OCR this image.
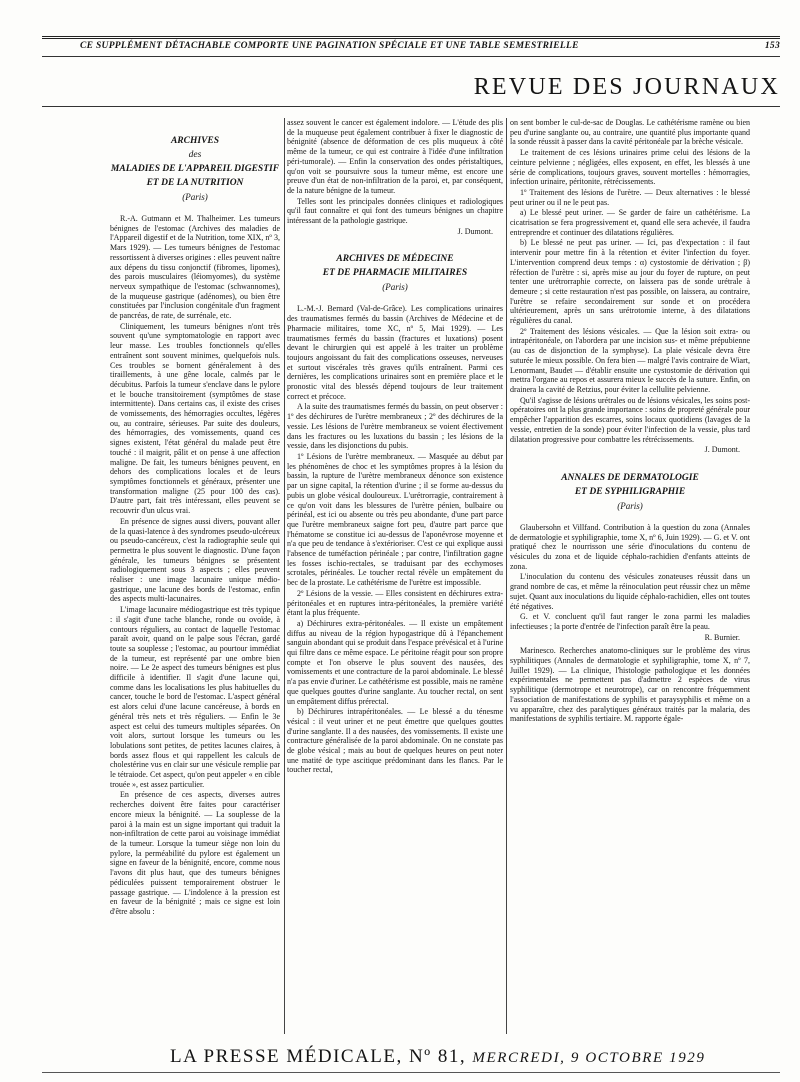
CE SUPPLÉMENT DÉTACHABLE COMPORTE UNE PAGINATION SPÉCIALE ET UNE TABLE SEMESTRIELLE	153
REVUE DES JOURNAUX
ARCHIVES
des
MALADIES DE L'APPAREIL DIGESTIF
ET DE LA NUTRITION
(Paris)

R.-A. Gutmann et M. Thalheimer. Les tumeurs bénignes de l'estomac (Archives des maladies de l'Appareil digestif et de la Nutrition, tome XIX, nº 3, Mars 1929). — Les tumeurs bénignes de l'estomac ressortissent à diverses origines : elles peuvent naître aux dépens du tissu conjonctif (fibromes, lipomes), des parois musculaires (léiomyomes), du système nerveux sympathique de l'estomac (schwannomes), de la muqueuse gastrique (adénomes), ou bien être constituées par l'inclusion congénitale d'un fragment de pancréas, de rate, de surrénale, etc.

Cliniquement, les tumeurs bénignes n'ont très souvent qu'une symptomatologie en rapport avec leur masse. Les troubles fonctionnels qu'elles entraînent sont souvent minimes, quelquefois nuls. Ces troubles se bornent généralement à des tiraillements, à une gêne locale, calmés par le décubitus. Parfois la tumeur s'enclave dans le pylore et le bouche transitoirement (symptômes de stase intermittente). Dans certains cas, il existe des crises de vomissements, des hémorragies occultes, légères ou, au contraire, sérieuses. Par suite des douleurs, des hémorragies, des vomissements, quand ces signes existent, l'état général du malade peut être touché : il maigrit, pâlit et on pense à une affection maligne. De fait, les tumeurs bénignes peuvent, en dehors des complications locales et de leurs symptômes fonctionnels et généraux, présenter une transformation maligne (25 pour 100 des cas). D'autre part, fait très intéressant, elles peuvent se recouvrir d'un ulcus vrai.

En présence de signes aussi divers, pouvant aller de la quasi-latence à des syndromes pseudo-ulcéreux ou pseudo-cancéreux, c'est la radiographie seule qui permettra le plus souvent le diagnostic. D'une façon générale, les tumeurs bénignes se présentent radiologiquement sous 3 aspects ; elles peuvent réaliser : une image lacunaire unique médio-gastrique, une lacune des bords de l'estomac, enfin des aspects multi-lacunaires.

L'image lacunaire médiogastrique est très typique : il s'agit d'une tache blanche, ronde ou ovoïde, à contours réguliers, au contact de laquelle l'estomac paraît avoir, quand on le palpe sous l'écran, gardé toute sa souplesse ; l'estomac, au pourtour immédiat de la tumeur, est représenté par une ombre bien noire. — Le 2e aspect des tumeurs bénignes est plus difficile à identifier. Il s'agit d'une lacune qui, comme dans les localisations les plus habituelles du cancer, touche le bord de l'estomac. L'aspect général est alors celui d'une lacune cancéreuse, à bords en général très nets et très réguliers. — Enfin le 3e aspect est celui des tumeurs multiples séparées. On voit alors, surtout lorsque les tumeurs ou les lobulations sont petites, de petites lacunes claires, à bords assez flous et qui rappellent les calculs de cholestérine vus en clair sur une vésicule remplie par le tétraiode. Cet aspect, qu'on peut appeler « en cible trouée », est assez particulier.

En présence de ces aspects, diverses autres recherches doivent être faites pour caractériser encore mieux la bénignité. — La souplesse de la paroi à la main est un signe important qui traduit la non-infiltration de cette paroi au voisinage immédiat de la tumeur. Lorsque la tumeur siège non loin du pylore, la perméabilité du pylore est également un signe en faveur de la bénignité, encore, comme nous l'avons dit plus haut, que des tumeurs bénignes pédiculées puissent temporairement obstruer le passage gastrique. — L'indolence à la pression est en faveur de la bénignité ; mais ce signe est loin d'être absolu :

assez souvent le cancer est également indolore. — L'étude des plis de la muqueuse peut également contribuer à fixer le diagnostic de bénignité (absence de déformation de ces plis muqueux à côté même de la tumeur, ce qui est contraire à l'idée d'une infiltration péri-tumorale). — Enfin la conservation des ondes péristaltiques, qu'on voit se poursuivre sous la tumeur même, est encore une preuve d'un état de non-infiltration de la paroi, et, par conséquent, de la nature bénigne de la tumeur.

Telles sont les principales données cliniques et radiologiques qu'il faut connaître et qui font des tumeurs bénignes un chapitre intéressant de la pathologie gastrique.

J. Dumont.
ARCHIVES DE MÉDECINE
ET DE PHARMACIE MILITAIRES
(Paris)

L.-M.-J. Bernard (Val-de-Grâce). Les complications urinaires des traumatismes fermés du bassin (Archives de Médecine et de Pharmacie militaires, tome XC, nº 5, Mai 1929). — Les traumatismes fermés du bassin (fractures et luxations) posent devant le chirurgien qui est appelé à les traiter un problème toujours angoissant du fait des complications osseuses, nerveuses et surtout viscérales très graves qu'ils entraînent. Parmi ces dernières, les complications urinaires sont en première place et le pronostic vital des blessés dépend toujours de leur traitement correct et précoce.

A la suite des traumatismes fermés du bassin, on peut observer : 1º des déchirures de l'urètre membraneux ; 2º des déchirures de la vessie. Les lésions de l'urètre membraneux se voient électivement dans les fractures ou les luxations du bassin ; les lésions de la vessie, dans les disjonctions du pubis.

1º Lésions de l'urètre membraneux. — Masquée au début par les phénomènes de choc et les symptômes propres à la lésion du bassin, la rupture de l'urètre membraneux dénonce son existence par un signe capital, la rétention d'urine ; il se forme au-dessus du pubis un globe vésical douloureux. L'urétrorragie, contrairement à ce qu'on voit dans les blessures de l'urètre pénien, bulbaire ou périnéal, est ici ou absente ou très peu abondante, d'une part parce que l'urètre membraneux saigne fort peu, d'autre part parce que l'hématome se constitue ici au-dessus de l'aponévrose moyenne et n'a que peu de tendance à s'extérioriser. C'est ce qui explique aussi l'absence de tuméfaction périnéale ; par contre, l'infiltration gagne les fosses ischio-rectales, se traduisant par des ecchymoses scrotales, périnéales. Le toucher rectal révèle un empâtement du bec de la prostate. Le cathétérisme de l'urètre est impossible.

2º Lésions de la vessie. — Elles consistent en déchirures extra-péritonéales et en ruptures intra-péritonéales, la première variété étant la plus fréquente.

a) Déchirures extra-péritonéales. — Il existe un empâtement diffus au niveau de la région hypogastrique dû à l'épanchement sanguin abondant qui se produit dans l'espace prévésical et à l'urine qui filtre dans ce même espace. Le péritoine réagit pour son propre compte et l'on observe le plus souvent des nausées, des vomissements et une contracture de la paroi abdominale. Le blessé n'a pas envie d'uriner. Le cathétérisme est possible, mais ne ramène que quelques gouttes d'urine sanglante. Au toucher rectal, on sent un empâtement diffus prérectal.

b) Déchirures intrapéritonéales. — Le blessé a du ténesme vésical : il veut uriner et ne peut émettre que quelques gouttes d'urine sanglante. Il a des nausées, des vomissements. Il existe une contracture généralisée de la paroi abdominale. On ne constate pas de globe vésical ; mais au bout de quelques heures on peut noter une matité de type ascitique prédominant dans les flancs. Par le toucher rectal,

on sent bomber le cul-de-sac de Douglas. Le cathétérisme ramène ou bien peu d'urine sanglante ou, au contraire, une quantité plus importante quand la sonde réussit à passer dans la cavité péritonéale par la brèche vésicale.

Le traitement de ces lésions urinaires prime celui des lésions de la ceinture pelvienne ; négligées, elles exposent, en effet, les blessés à une série de complications, toujours graves, souvent mortelles : hémorragies, infection urinaire, péritonite, rétrécissements.

1º Traitement des lésions de l'urètre. — Deux alternatives : le blessé peut uriner ou il ne le peut pas.

a) Le blessé peut uriner. — Se garder de faire un cathétérisme. La cicatrisation se fera progressivement et, quand elle sera achevée, il faudra entreprendre et continuer des dilatations régulières.

b) Le blessé ne peut pas uriner. — Ici, pas d'expectation : il faut intervenir pour mettre fin à la rétention et éviter l'infection du foyer. L'intervention comprend deux temps : α) cystostomie de dérivation ; β) réfection de l'urètre : si, après mise au jour du foyer de rupture, on peut tenter une urétrorraphie correcte, on laissera pas de sonde urétrale à demeure ; si cette restauration n'est pas possible, on laissera, au contraire, l'urètre se refaire secondairement sur sonde et on procédera ultérieurement, après un sans urétrotomie interne, à des dilatations régulières du canal.

2º Traitement des lésions vésicales. — Que la lésion soit extra- ou intrapéritonéale, on l'abordera par une incision sus- et même prépubienne (au cas de disjonction de la symphyse). La plaie vésicale devra être suturée le mieux possible. On fera bien — malgré l'avis contraire de Wiart, Lenormant, Baudet — d'établir ensuite une cystostomie de dérivation qui mettra l'organe au repos et assurera mieux le succès de la suture. Enfin, on drainera la cavité de Retzius, pour éviter la cellulite pelvienne.

Qu'il s'agisse de lésions urétrales ou de lésions vésicales, les soins post-opératoires ont la plus grande importance : soins de propreté générale pour empêcher l'apparition des escarres, soins locaux quotidiens (lavages de la vessie, entretien de la sonde) pour éviter l'infection de la vessie, plus tard dilatation progressive pour combattre les rétrécissements.

J. Dumont.
ANNALES DE DERMATOLOGIE
ET DE SYPHILIGRAPHIE
(Paris)

Glaubersohn et Villfand. Contribution à la question du zona (Annales de dermatologie et syphiligraphie, tome X, nº 6, Juin 1929). — G. et V. ont pratiqué chez le nourrisson une série d'inoculations du contenu de vésicules du zona et de liquide céphalo-rachidien d'enfants atteints de zona.

L'inoculation du contenu des vésicules zonateuses réussit dans un grand nombre de cas, et même la réinoculation peut réussir chez un même sujet. Quant aux inoculations du liquide céphalo-rachidien, elles ont toutes été négatives.

G. et V. concluent qu'il faut ranger le zona parmi les maladies infectieuses ; la porte d'entrée de l'infection paraît être la peau.

R. Burnier.

Marinesco. Recherches anatomo-cliniques sur le problème des virus syphilitiques (Annales de dermatologie et syphiligraphie, tome X, nº 7, Juillet 1929). — La clinique, l'histologie pathologique et les données expérimentales ne permettent pas d'admettre 2 espèces de virus syphilitique (dermotrope et neurotrope), car on rencontre fréquemment l'association de manifestations de syphilis et paraysyphilis et même on a vu apparaître, chez des paralytiques généraux traités par la malaria, des manifestations de syphilis tertiaire. M. rapporte égale-

LA PRESSE MÉDICALE, Nº 81, MERCREDI, 9 OCTOBRE 1929
